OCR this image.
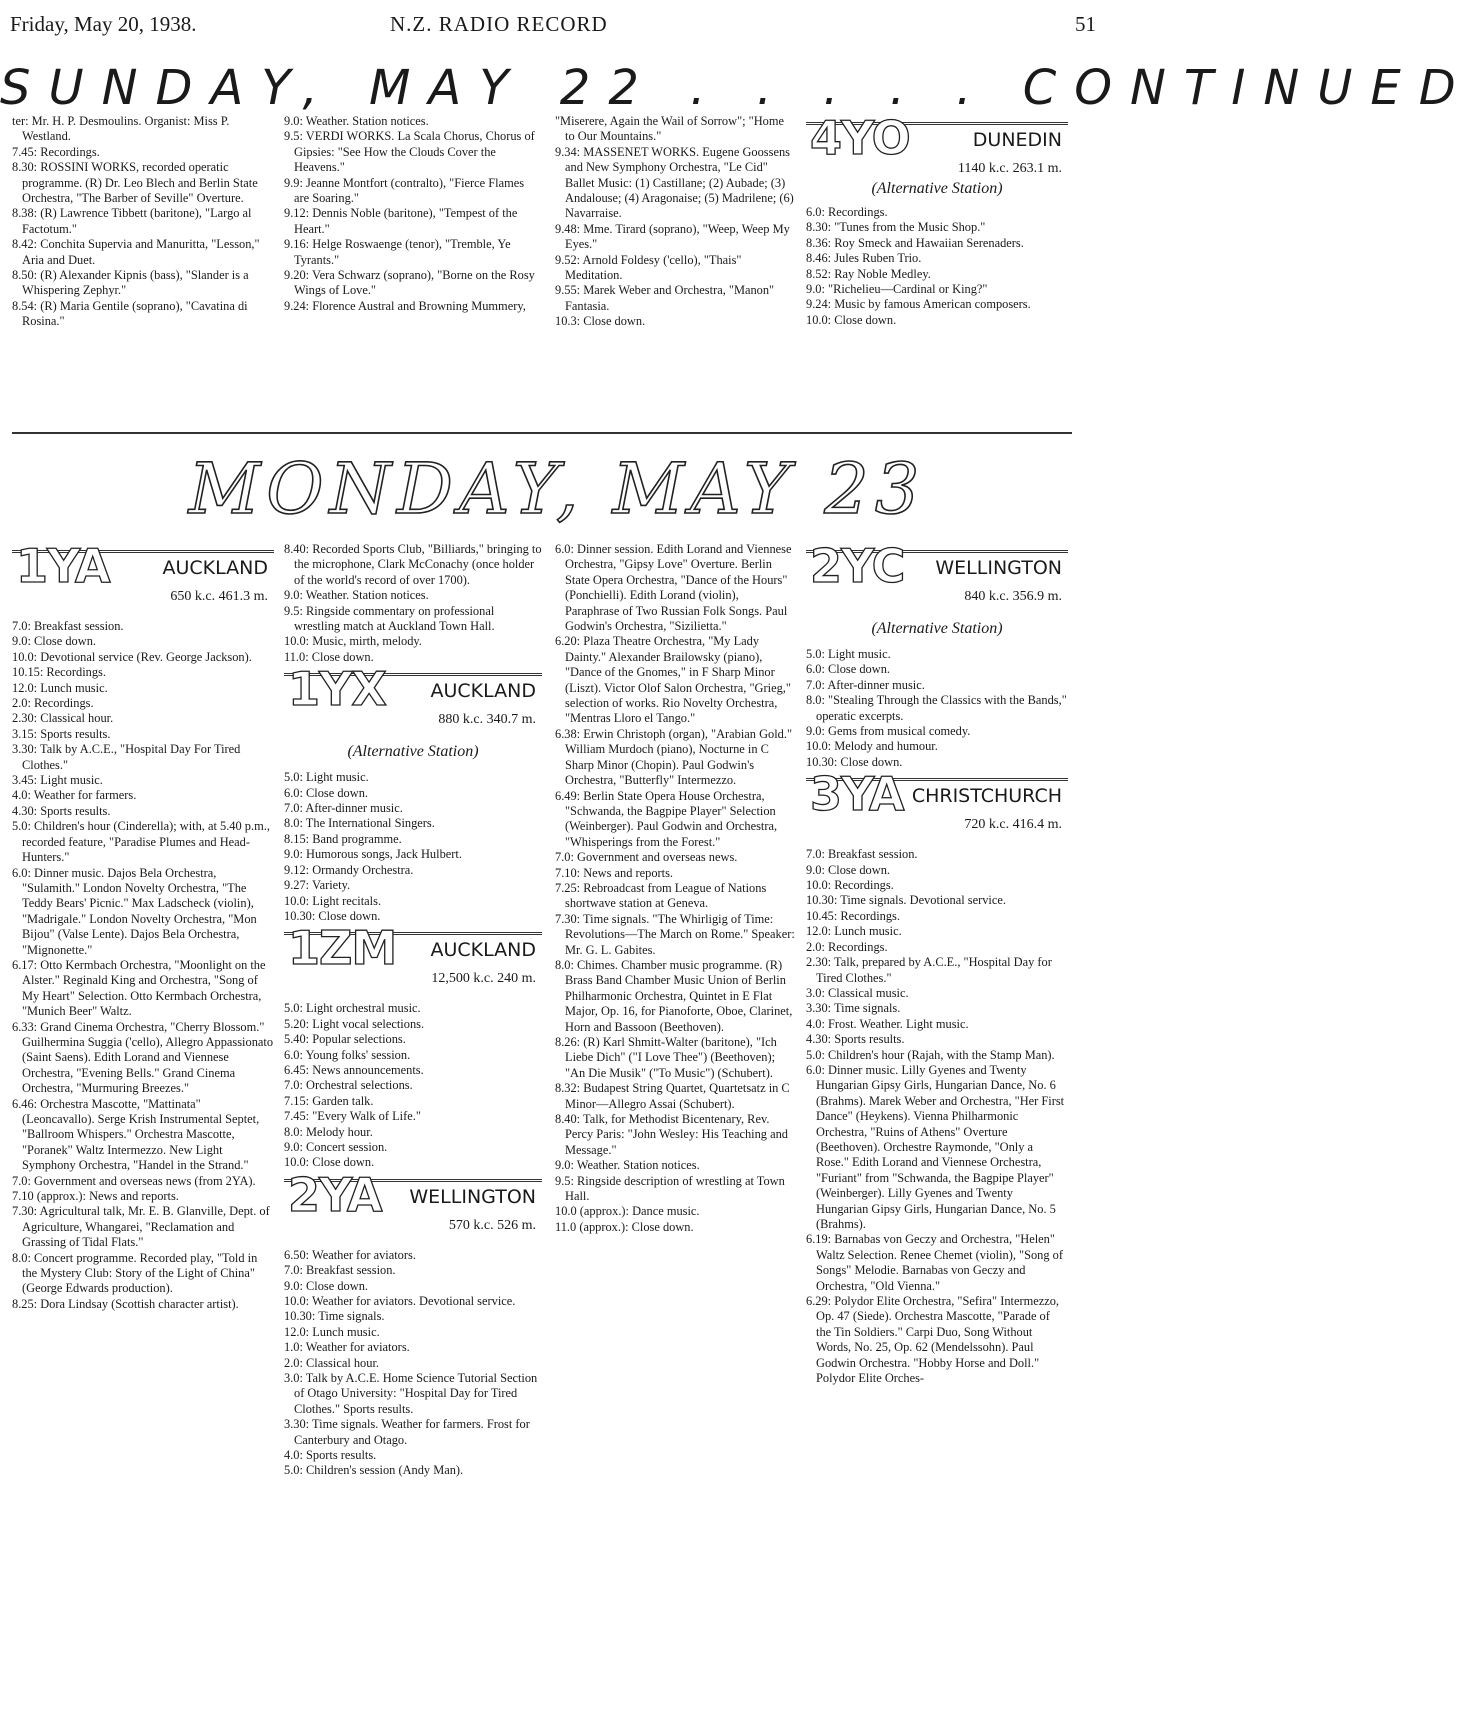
Friday, May 20, 1938.	N.Z. RADIO RECORD	51
SUNDAY, MAY 22 . . . . . CONTINUED

ter: Mr. H. P. Desmoulins. Organist: Miss P. Westland.

7.45: Recordings.

8.30: ROSSINI WORKS, recorded operatic programme. (R) Dr. Leo Blech and Berlin State Orchestra, "The Barber of Seville" Overture.

8.38: (R) Lawrence Tibbett (baritone), "Largo al Factotum."

8.42: Conchita Supervia and Manuritta, "Lesson," Aria and Duet.

8.50: (R) Alexander Kipnis (bass), "Slander is a Whispering Zephyr."

8.54: (R) Maria Gentile (soprano), "Cavatina di Rosina."

9.0: Weather. Station notices.

9.5: VERDI WORKS. La Scala Chorus, Chorus of Gipsies: "See How the Clouds Cover the Heavens."

9.9: Jeanne Montfort (contralto), "Fierce Flames are Soaring."

9.12: Dennis Noble (baritone), "Tempest of the Heart."

9.16: Helge Roswaenge (tenor), "Tremble, Ye Tyrants."

9.20: Vera Schwarz (soprano), "Borne on the Rosy Wings of Love."

9.24: Florence Austral and Browning Mummery,

"Miserere, Again the Wail of Sorrow"; "Home to Our Mountains."

9.34: MASSENET WORKS. Eugene Goossens and New Symphony Orchestra, "Le Cid" Ballet Music: (1) Castillane; (2) Aubade; (3) Andalouse; (4) Aragonaise; (5) Madrilene; (6) Navarraise.

9.48: Mme. Tirard (soprano), "Weep, Weep My Eyes."

9.52: Arnold Foldesy ('cello), "Thais" Meditation.

9.55: Marek Weber and Orchestra, "Manon" Fantasia.

10.3: Close down.

4YO	DUNEDIN
1140 k.c. 263.1 m.
(Alternative Station)

6.0: Recordings.

8.30: "Tunes from the Music Shop."

8.36: Roy Smeck and Hawaiian Serenaders.

8.46: Jules Ruben Trio.

8.52: Ray Noble Medley.

9.0: "Richelieu—Cardinal or King?"

9.24: Music by famous American composers.

10.0: Close down.

MONDAY, MAY 23
1YA	AUCKLAND
650 k.c. 461.3 m.

7.0: Breakfast session.

9.0: Close down.

10.0: Devotional service (Rev. George Jackson).

10.15: Recordings.

12.0: Lunch music.

2.0: Recordings.

2.30: Classical hour.

3.15: Sports results.

3.30: Talk by A.C.E., "Hospital Day For Tired Clothes."

3.45: Light music.

4.0: Weather for farmers.

4.30: Sports results.

5.0: Children's hour (Cinderella); with, at 5.40 p.m., recorded feature, "Paradise Plumes and Head-Hunters."

6.0: Dinner music. Dajos Bela Orchestra, "Sulamith." London Novelty Orchestra, "The Teddy Bears' Picnic." Max Ladscheck (violin), "Madrigale." London Novelty Orchestra, "Mon Bijou" (Valse Lente). Dajos Bela Orchestra, "Mignonette."

6.17: Otto Kermbach Orchestra, "Moonlight on the Alster." Reginald King and Orchestra, "Song of My Heart" Selection. Otto Kermbach Orchestra, "Munich Beer" Waltz.

6.33: Grand Cinema Orchestra, "Cherry Blossom." Guilhermina Suggia ('cello), Allegro Appassionato (Saint Saens). Edith Lorand and Viennese Orchestra, "Evening Bells." Grand Cinema Orchestra, "Murmuring Breezes."

6.46: Orchestra Mascotte, "Mattinata" (Leoncavallo). Serge Krish Instrumental Septet, "Ballroom Whispers." Orchestra Mascotte, "Poranek" Waltz Intermezzo. New Light Symphony Orchestra, "Handel in the Strand."

7.0: Government and overseas news (from 2YA).

7.10 (approx.): News and reports.

7.30: Agricultural talk, Mr. E. B. Glanville, Dept. of Agriculture, Whangarei, "Reclamation and Grassing of Tidal Flats."

8.0: Concert programme. Recorded play, "Told in the Mystery Club: Story of the Light of China" (George Edwards production).

8.25: Dora Lindsay (Scottish character artist).

8.40: Recorded Sports Club, "Billiards," bringing to the microphone, Clark McConachy (once holder of the world's record of over 1700).

9.0: Weather. Station notices.

9.5: Ringside commentary on professional wrestling match at Auckland Town Hall.

10.0: Music, mirth, melody.

11.0: Close down.

1YX AUCKLAND
880 k.c. 340.7 m.
(Alternative Station)

5.0: Light music.

6.0: Close down.

7.0: After-dinner music.

8.0: The International Singers.

8.15: Band programme.

9.0: Humorous songs, Jack Hulbert.

9.12: Ormandy Orchestra.

9.27: Variety.

10.0: Light recitals.

10.30: Close down.

1ZM AUCKLAND
12,500 k.c. 240 m.

5.0: Light orchestral music.

5.20: Light vocal selections.

5.40: Popular selections.

6.0: Young folks' session.

6.45: News announcements.

7.0: Orchestral selections.

7.15: Garden talk.

7.45: "Every Walk of Life."

8.0: Melody hour.

9.0: Concert session.

10.0: Close down.

2YA WELLINGTON
570 k.c. 526 m.

6.50: Weather for aviators.

7.0: Breakfast session.

9.0: Close down.

10.0: Weather for aviators. Devotional service.

10.30: Time signals.

12.0: Lunch music.

1.0: Weather for aviators.

2.0: Classical hour.

3.0: Talk by A.C.E. Home Science Tutorial Section of Otago University: "Hospital Day for Tired Clothes." Sports results.

3.30: Time signals. Weather for farmers. Frost for Canterbury and Otago.

4.0: Sports results.

5.0: Children's session (Andy Man).

6.0: Dinner session. Edith Lorand and Viennese Orchestra, "Gipsy Love" Overture. Berlin State Opera Orchestra, "Dance of the Hours" (Ponchielli). Edith Lorand (violin), Paraphrase of Two Russian Folk Songs. Paul Godwin's Orchestra, "Sizilietta."

6.20: Plaza Theatre Orchestra, "My Lady Dainty." Alexander Brailowsky (piano), "Dance of the Gnomes," in F Sharp Minor (Liszt). Victor Olof Salon Orchestra, "Grieg," selection of works. Rio Novelty Orchestra, "Mentras Lloro el Tango."

6.38: Erwin Christoph (organ), "Arabian Gold." William Murdoch (piano), Nocturne in C Sharp Minor (Chopin). Paul Godwin's Orchestra, "Butterfly" Intermezzo.

6.49: Berlin State Opera House Orchestra, "Schwanda, the Bagpipe Player" Selection (Weinberger). Paul Godwin and Orchestra, "Whisperings from the Forest."

7.0: Government and overseas news.

7.10: News and reports.

7.25: Rebroadcast from League of Nations shortwave station at Geneva.

7.30: Time signals. "The Whirligig of Time: Revolutions—The March on Rome." Speaker: Mr. G. L. Gabites.

8.0: Chimes. Chamber music programme. (R) Brass Band Chamber Music Union of Berlin Philharmonic Orchestra, Quintet in E Flat Major, Op. 16, for Pianoforte, Oboe, Clarinet, Horn and Bassoon (Beethoven).

8.26: (R) Karl Shmitt-Walter (baritone), "Ich Liebe Dich" ("I Love Thee") (Beethoven); "An Die Musik" ("To Music") (Schubert).

8.32: Budapest String Quartet, Quartetsatz in C Minor—Allegro Assai (Schubert).

8.40: Talk, for Methodist Bicentenary, Rev. Percy Paris: "John Wesley: His Teaching and Message."

9.0: Weather. Station notices.

9.5: Ringside description of wrestling at Town Hall.

10.0 (approx.): Dance music.

11.0 (approx.): Close down.

2YC WELLINGTON
840 k.c. 356.9 m.
(Alternative Station)

5.0: Light music.

6.0: Close down.

7.0: After-dinner music.

8.0: "Stealing Through the Classics with the Bands," operatic excerpts.

9.0: Gems from musical comedy.

10.0: Melody and humour.

10.30: Close down.

3YA CHRISTCHURCH
720 k.c. 416.4 m.

7.0: Breakfast session.

9.0: Close down.

10.0: Recordings.

10.30: Time signals. Devotional service.

10.45: Recordings.

12.0: Lunch music.

2.0: Recordings.

2.30: Talk, prepared by A.C.E., "Hospital Day for Tired Clothes."

3.0: Classical music.

3.30: Time signals.

4.0: Frost. Weather. Light music.

4.30: Sports results.

5.0: Children's hour (Rajah, with the Stamp Man).

6.0: Dinner music. Lilly Gyenes and Twenty Hungarian Gipsy Girls, Hungarian Dance, No. 6 (Brahms). Marek Weber and Orchestra, "Her First Dance" (Heykens). Vienna Philharmonic Orchestra, "Ruins of Athens" Overture (Beethoven). Orchestre Raymonde, "Only a Rose." Edith Lorand and Viennese Orchestra, "Furiant" from "Schwanda, the Bagpipe Player" (Weinberger). Lilly Gyenes and Twenty Hungarian Gipsy Girls, Hungarian Dance, No. 5 (Brahms).

6.19: Barnabas von Geczy and Orchestra, "Helen" Waltz Selection. Renee Chemet (violin), "Song of Songs" Melodie. Barnabas von Geczy and Orchestra, "Old Vienna."

6.29: Polydor Elite Orchestra, "Sefira" Intermezzo, Op. 47 (Siede). Orchestra Mascotte, "Parade of the Tin Soldiers." Carpi Duo, Song Without Words, No. 25, Op. 62 (Mendelssohn). Paul Godwin Orchestra. "Hobby Horse and Doll." Polydor Elite Orches-
